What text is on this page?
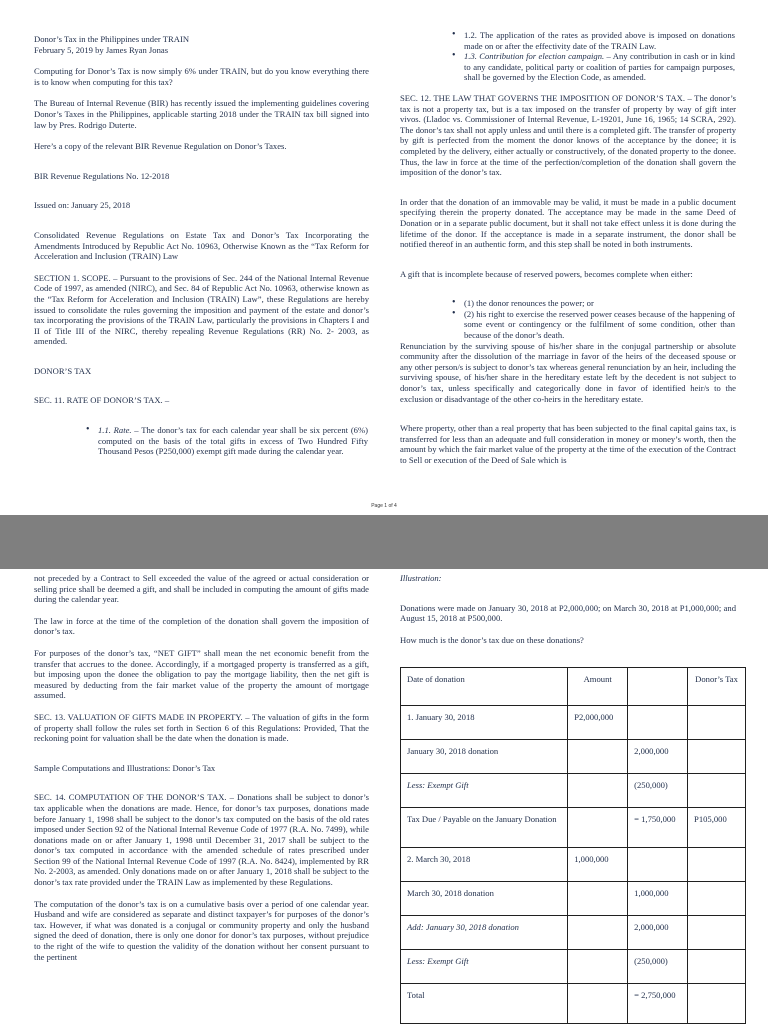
Donor’s Tax in the Philippines under TRAIN

February 5, 2019 by James Ryan Jonas

Computing for Donor’s Tax is now simply 6% under TRAIN, but do you know everything there is to know when computing for this tax?

The Bureau of Internal Revenue (BIR) has recently issued the implementing guidelines covering Donor’s Taxes in the Philippines, applicable starting 2018 under the TRAIN tax bill signed into law by Pres. Rodrigo Duterte.

Here’s a copy of the relevant BIR Revenue Regulation on Donor’s Taxes.

BIR Revenue Regulations No. 12-2018

Issued on: January 25, 2018

Consolidated Revenue Regulations on Estate Tax and Donor’s Tax Incorporating the Amendments Introduced by Republic Act No. 10963, Otherwise Known as the “Tax Reform for Acceleration and Inclusion (TRAIN) Law

SECTION 1. SCOPE. – Pursuant to the provisions of Sec. 244 of the National Internal Revenue Code of 1997, as amended (NIRC), and Sec. 84 of Republic Act No. 10963, otherwise known as the “Tax Reform for Acceleration and Inclusion (TRAIN) Law”, these Regulations are hereby issued to consolidate the rules governing the imposition and payment of the estate and donor’s tax incorporating the provisions of the TRAIN Law, particularly the provisions in Chapters I and II of Title III of the NIRC, thereby repealing Revenue Regulations (RR) No. 2- 2003, as amended.

DONOR’S TAX

SEC. 11. RATE OF DONOR’S TAX. –

• 1.1. Rate. – The donor’s tax for each calendar year shall be six percent (6%) computed on the basis of the total gifts in excess of Two Hundred Fifty Thousand Pesos (P250,000) exempt gift made during the calendar year.
• 1.2. The application of the rates as provided above is imposed on donations made on or after the effectivity date of the TRAIN Law.
• 1.3. Contribution for election campaign. – Any contribution in cash or in kind to any candidate, political party or coalition of parties for campaign purposes, shall be governed by the Election Code, as amended.

SEC. 12. THE LAW THAT GOVERNS THE IMPOSITION OF DONOR’S TAX. – The donor’s tax is not a property tax, but is a tax imposed on the transfer of property by way of gift inter vivos. (Lladoc vs. Commissioner of Internal Revenue, L-19201, June 16, 1965; 14 SCRA, 292). The donor’s tax shall not apply unless and until there is a completed gift. The transfer of property by gift is perfected from the moment the donor knows of the acceptance by the donee; it is completed by the delivery, either actually or constructively, of the donated property to the donee. Thus, the law in force at the time of the perfection/completion of the donation shall govern the imposition of the donor’s tax.

In order that the donation of an immovable may be valid, it must be made in a public document specifying therein the property donated. The acceptance may be made in the same Deed of Donation or in a separate public document, but it shall not take effect unless it is done during the lifetime of the donor. If the acceptance is made in a separate instrument, the donor shall be notified thereof in an authentic form, and this step shall be noted in both instruments.

A gift that is incomplete because of reserved powers, becomes complete when either:

• (1) the donor renounces the power; or
• (2) his right to exercise the reserved power ceases because of the happening of some event or contingency or the fulfilment of some condition, other than because of the donor’s death.

Renunciation by the surviving spouse of his/her share in the conjugal partnership or absolute community after the dissolution of the marriage in favor of the heirs of the deceased spouse or any other person/s is subject to donor’s tax whereas general renunciation by an heir, including the surviving spouse, of his/her share in the hereditary estate left by the decedent is not subject to donor’s tax, unless specifically and categorically done in favor of identified heir/s to the exclusion or disadvantage of the other co-heirs in the hereditary estate.

Where property, other than a real property that has been subjected to the final capital gains tax, is transferred for less than an adequate and full consideration in money or money’s worth, then the amount by which the fair market value of the property at the time of the execution of the Contract to Sell or execution of the Deed of Sale which is

Page 1 of 4

not preceded by a Contract to Sell exceeded the value of the agreed or actual consideration or selling price shall be deemed a gift, and shall be included in computing the amount of gifts made during the calendar year.

The law in force at the time of the completion of the donation shall govern the imposition of donor’s tax.

For purposes of the donor’s tax, “NET GIFT” shall mean the net economic benefit from the transfer that accrues to the donee. Accordingly, if a mortgaged property is transferred as a gift, but imposing upon the donee the obligation to pay the mortgage liability, then the net gift is measured by deducting from the fair market value of the property the amount of mortgage assumed.

SEC. 13. VALUATION OF GIFTS MADE IN PROPERTY. – The valuation of gifts in the form of property shall follow the rules set forth in Section 6 of this Regulations: Provided, That the reckoning point for valuation shall be the date when the donation is made.

Sample Computations and Illustrations: Donor’s Tax

SEC. 14. COMPUTATION OF THE DONOR’S TAX. – Donations shall be subject to donor’s tax applicable when the donations are made. Hence, for donor’s tax purposes, donations made before January 1, 1998 shall be subject to the donor’s tax computed on the basis of the old rates imposed under Section 92 of the National Internal Revenue Code of 1977 (R.A. No. 7499), while donations made on or after January 1, 1998 until December 31, 2017 shall be subject to the donor’s tax computed in accordance with the amended schedule of rates prescribed under Section 99 of the National Internal Revenue Code of 1997 (R.A. No. 8424), implemented by RR No. 2-2003, as amended. Only donations made on or after January 1, 2018 shall be subject to the donor’s tax rate provided under the TRAIN Law as implemented by these Regulations.

The computation of the donor’s tax is on a cumulative basis over a period of one calendar year. Husband and wife are considered as separate and distinct taxpayer’s for purposes of the donor’s tax. However, if what was donated is a conjugal or community property and only the husband signed the deed of donation, there is only one donor for donor’s tax purposes, without prejudice to the right of the wife to question the validity of the donation without her consent pursuant to the pertinent

Illustration:

Donations were made on January 30, 2018 at P2,000,000; on March 30, 2018 at P1,000,000; and August 15, 2018 at P500,000.

How much is the donor’s tax due on these donations?

Date of donation	Amount		Donor’s Tax
1. January 30, 2018	P2,000,000		
January 30, 2018 donation		2,000,000	
Less: Exempt Gift		(250,000)	
Tax Due / Payable on the January Donation		= 1,750,000	P105,000
2. March 30, 2018	1,000,000		
March 30, 2018 donation		1,000,000	
Add: January 30, 2018 donation		2,000,000	
Less: Exempt Gift		(250,000)	
Total		= 2,750,000	
